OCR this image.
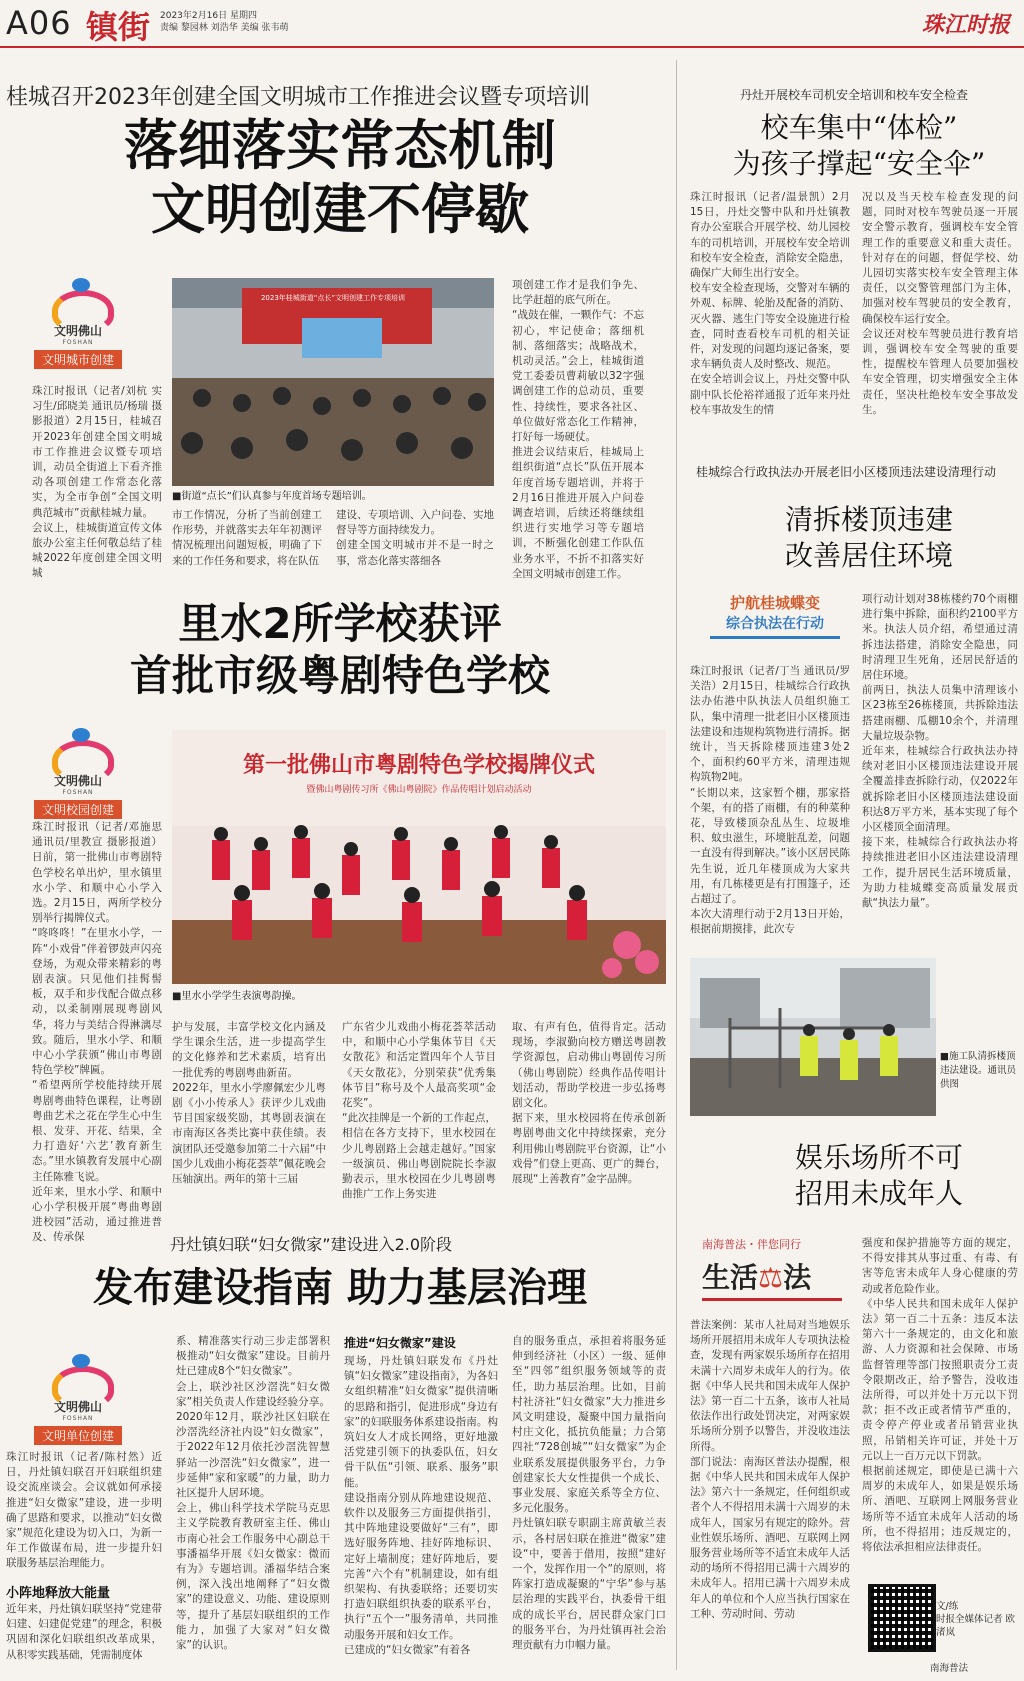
A06 镇街 2023年2月16日 星期四
责编 黎园林 刘浩华 美编 张韦萌	珠江时报
桂城召开2023年创建全国文明城市工作推进会议暨专项培训
落细落实常态机制
文明创建不停歇
文明佛山
FOSHAN
文明城市创建
2023年桂城街道“点长”文明创建工作专项培训
■街道“点长”们认真参与年度首场专题培训。
珠江时报讯（记者/刘杭 实习生/邱晓美 通讯员/杨瑞 摄影报道）2月15日，桂城召开2023年创建全国文明城市工作推进会议暨专项培训，动员全街道上下看齐推动各项创建工作常态化落实，为全市争创“全国文明典范城市”贡献桂城力量。
会议上，桂城街道宣传文体旅办公室主任何敬总结了桂城2022年度创建全国文明城
市工作情况，分析了当前创建工作形势，并就落实去年年初测评情况梳理出问题短板，明确了下来的工作任务和要求，将在队伍
建设、专项培训、入户问卷、实地督导等方面持续发力。
创建全国文明城市并不是一时之事，常态化落实落细各
项创建工作才是我们争先、比学赶超的底气所在。
“战鼓在催，一颗作气：不忘初心，牢记使命；落细机制、落细落实；战略战术，机动灵活。”会上，桂城街道党工委委员曹莉敏以32字强调创建工作的总动员，重要性、持续性，要求各社区、单位做好常态化工作精神，打好每一场硬仗。
推进会议结束后，桂城局上组织街道“点长”队伍开展本年度首场专题培训，并将于2月16日推进开展入户问卷调查培训，后续还将继续组织进行实地学习等专题培训，不断强化创建工作队伍业务水平，不折不扣落实好全国文明城市创建工作。
里水2所学校获评
首批市级粤剧特色学校
文明佛山
FOSHAN
文明校园创建
珠江时报讯（记者/邓施思 通讯员/里教宣 摄影报道）日前，第一批佛山市粤剧特色学校名单出炉，里水镇里水小学、和顺中心小学入选。2月15日，两所学校分别举行揭牌仪式。
“咚咚咚！”在里水小学，一阵“小戏骨”伴着锣鼓声闪亮登场，为观众带来精彩的粤剧表演。只见他们挂髯髻板，双手和步伐配合做点移动，以柔制刚展现粤剧风华，将力与美结合得淋漓尽致。随后，里水小学、和顺中心小学获颁“佛山市粤剧特色学校”牌匾。
“希望两所学校能持续开展粤剧粤曲特色课程，让粤剧粤曲艺术之花在学生心中生根、发芽、开花、结果，全力打造好‘六艺’教育新生态。”里水镇教育发展中心副主任陈雅飞说。
近年来，里水小学、和顺中心小学积极开展“粤曲粤剧进校园”活动，通过推进普及、传承保
第一批佛山市粤剧特色学校揭牌仪式
暨佛山粤剧传习所《佛山粤剧院》作品传唱计划启动活动
■里水小学学生表演粤韵操。
护与发展，丰富学校文化内涵及学生课余生活，进一步提高学生的文化修养和艺术素质，培育出一批优秀的粤剧粤曲新苗。
2022年，里水小学廖佩宏少儿粤剧《小小传承人》获评少儿戏曲节目国家级奖励，其粤剧表演在市南海区各类比赛中获佳绩。表演团队还受邀参加第二十六届“中国少儿戏曲小梅花荟萃”佩花晚会压轴演出。两年的第十三届
广东省少儿戏曲小梅花荟萃活动中，和顺中心小学集体节目《天女散花》和活定置四年个人节目《天女散花》，分别荣获“优秀集体节目”称号及个人最高奖项“金花奖”。
“此次挂牌是一个新的工作起点，相信在各方支持下，里水校园在少儿粤剧路上会越走越好。”国家一级演员、佛山粤剧院院长李淑勤表示，里水校园在少儿粤剧粤曲推广工作上务实进
取、有声有色，值得肯定。活动现场，李淑勤向校方赠送粤剧教学资源包，启动佛山粤剧传习所（佛山粤剧院）经典作品传唱计划活动，帮助学校进一步弘扬粤剧文化。
据下来，里水校园将在传承创新粤剧粤曲文化中持续探索，充分利用佛山粤剧院平台资源，让“小戏骨”们登上更高、更广的舞台，展现“上善教育”金字品牌。
丹灶镇妇联“妇女微家”建设进入2.0阶段
发布建设指南 助力基层治理
文明佛山
FOSHAN
文明单位创建
珠江时报讯（记者/陈村然）近日，丹灶镇妇联召开妇联组织建设交流座谈会。会议就如何承接推进“妇女微家”建设，进一步明确了思路和要求，以推动“妇女微家”规范化建设为切入口，为新一年工作做谋布局，进一步提升妇联服务基层治理能力。
小阵地释放大能量
近年来，丹灶镇妇联坚持“党建带妇建、妇建促党建”的理念，积极巩固和深化妇联组织改革成果，从积零实践基础，凭需制度体
系、精准落实行动三步走部署积极推动“妇女微家”建设。目前丹灶已建成8个“妇女微家”。
会上，联沙社区沙滘洗“妇女微家”相关负责人作建设经验分享。2020年12月，联沙社区妇联在沙滘洗经济社内设“妇女微家”，于2022年12月依托沙滘洗智慧驿站一沙滘洗“妇女微家”，进一步延伸“家和家暖”的力量，助力社区提升人居环境。
会上，佛山科学技术学院马克思主义学院教育教研室主任、佛山市南心社会工作服务中心副总干事潘福华开展《妇女微家：微而有为》专题培训。潘福华结合案例，深入浅出地阐释了“妇女微家”的建设意义、功能、建设原则等，提升了基层妇联组织的工作能力，加强了大家对“妇女微家”的认识。
推进“妇女微家”建设
现场，丹灶镇妇联发布《丹灶镇“妇女微家”建设指南》，为各妇女组织精准“妇女微家”提供清晰的思路和指引，促进形成“身边有家”的妇联服务体系建设指南。构筑妇女人才成长网络，更好地激活党建引领下的执委队伍，妇女骨干队伍“引领、联系、服务”职能。
建设指南分别从阵地建设规范、软件以及服务三方面提供指引，其中阵地建设要做好“三有”，即选好服务阵地、挂好阵地标识、定好上墙制度；建好阵地后，要完善“六个有”机制建设，如有组织架构、有执委联络；还要切实打造妇联组织执委的联系平台，执行“五个一”服务清单，共同推动服务开展和妇女工作。
已建成的“妇女微家”有着各
自的服务重点，承担着将服务延伸到经济社（小区）一级、延伸至“四邻”组织服务领域等的责任，助力基层治理。比如，目前村社济社“妇女微家”大力推进乡风文明建设，凝聚中国力量指向村庄文化，抵抗负能量；力合第四社“728创城”“妇女微家”为企业联系发展提供服务平台，力争创建家长大女性提供一个成长、事业发展、家庭关系等全方位、多元化服务。
丹灶镇妇联专职副主席黄敏兰表示，各村居妇联在推进“微家”建设“中，要善于借用，按照“建好一个，发挥作用一个”的原则，将阵家打造成凝聚的“宁华”参与基层治理的实践平台，执委骨干组成的成长平台，居民群众家门口的服务平台，为丹灶镇再社会治理贡献有力巾帼力量。
丹灶开展校车司机安全培训和校车安全检查
校车集中“体检”
为孩子撑起“安全伞”
珠江时报讯（记者/温景凯）2月15日，丹灶交警中队和丹灶镇教育办公室联合开展学校、幼儿园校车的司机培训，开展校车安全培训和校车安全检查，消除安全隐患，确保广大师生出行安全。
校车安全检查现场，交警对车辆的外观、标牌、轮胎及配备的消防、灭火器、逃生门等安全设施进行检查，同时查看校车司机的相关证件，对发现的问题均逐记备案，要求车辆负责人及时整改、规范。
在安全培训会议上，丹灶交警中队副中队长伦裕祥通报了近年来丹灶校车事故发生的情
况以及当天校车检查发现的问题，同时对校车驾驶员逐一开展安全警示教育，强调校车安全管理工作的重要意义和重大责任。针对存在的问题，督促学校、幼儿园切实落实校车安全管理主体责任，以交警管理部门为主体，加强对校车驾驶员的安全教育，确保校车运行安全。
会议还对校车驾驶员进行教育培训，强调校车安全驾驶的重要性，提醒校车管理人员要加强校车安全管理，切实增强安全主体责任，坚决杜绝校车安全事故发生。
桂城综合行政执法办开展老旧小区楼顶违法建设清理行动
清拆楼顶违建
改善居住环境
护航桂城蝶变
综合执法在行动
珠江时报讯（记者/丁当 通讯员/罗关浩）2月15日，桂城综合行政执法办佑港中队执法人员组织施工队，集中清理一批老旧小区楼顶违法建设和违规构筑物进行清拆。据统计，当天拆除楼顶违建3处2个，面积约60平方米，清理违规构筑物2吨。
“长期以来，这家暂个棚，那家搭个架，有的搭了雨棚，有的种菜种花，导致楼顶杂乱丛生、垃圾堆积、蚊虫滋生，环境脏乱差，问题一直没有得到解决。”该小区居民陈先生说，近几年楼顶成为大家共用，有几栋楼更是有打围篷子，还占超过了。
本次大清理行动于2月13日开始，根据前期摸排，此次专
项行动计划对38栋楼约70个雨棚进行集中拆除，面积约2100平方米。执法人员介绍，希望通过清拆违法搭建，消除安全隐患，同时清理卫生死角，还居民舒适的居住环境。
前两日，执法人员集中清理该小区23栋至26栋楼顶，共拆除违法搭建雨棚、瓜棚10余个，并清理大量垃圾杂物。
近年来，桂城综合行政执法办持续对老旧小区楼顶违法建设开展全覆盖排查拆除行动，仅2022年就拆除老旧小区楼顶违法建设面积达8万平方米，基本实现了每个小区楼顶全面清理。
接下来，桂城综合行政执法办将持续推进老旧小区违法建设清理工作，提升居民生活环境质量，为助力桂城蝶变高质量发展贡献“执法力量”。
■施工队清拆楼顶违法建设。通讯员供图
娱乐场所不可
招用未成年人
南海普法・伴您同行
生活⚖法
普法案例：某市人社局对当地娱乐场所开展招用未成年人专项执法检查，发现有两家娱乐场所存在招用未满十六周岁未成年人的行为。依据《中华人民共和国未成年人保护法》第一百二十五条，该市人社局依法作出行政处罚决定，对两家娱乐场所分别予以警告，并没收违法所得。
部门说法：南海区普法办提醒，根据《中华人民共和国未成年人保护法》第六十一条规定，任何组织或者个人不得招用未满十六周岁的未成年人，国家另有规定的除外。营业性娱乐场所、酒吧、互联网上网服务营业场所等不适宜未成年人活动的场所不得招用已满十六周岁的未成年人。招用已满十六周岁未成年人的单位和个人应当执行国家在工种、劳动时间、劳动
强度和保护措施等方面的规定，不得安排其从事过重、有毒、有害等危害未成年人身心健康的劳动或者危险作业。
《中华人民共和国未成年人保护法》第一百二十五条：违反本法第六十一条规定的，由文化和旅游、人力资源和社会保障、市场监督管理等部门按照职责分工责令限期改正，给予警告，没收违法所得，可以并处十万元以下罚款；拒不改正或者情节严重的，责令停产停业或者吊销营业执照，吊销相关许可证，并处十万元以上一百万元以下罚款。
根据前述规定，即使是已满十六周岁的未成年人，如果是娱乐场所、酒吧、互联网上网服务营业场所等不适宜未成年人活动的场所，也不得招用；违反规定的，将依法承担相应法律责任。
文/练
时报全媒体记者 欧渚岚
南海普法
